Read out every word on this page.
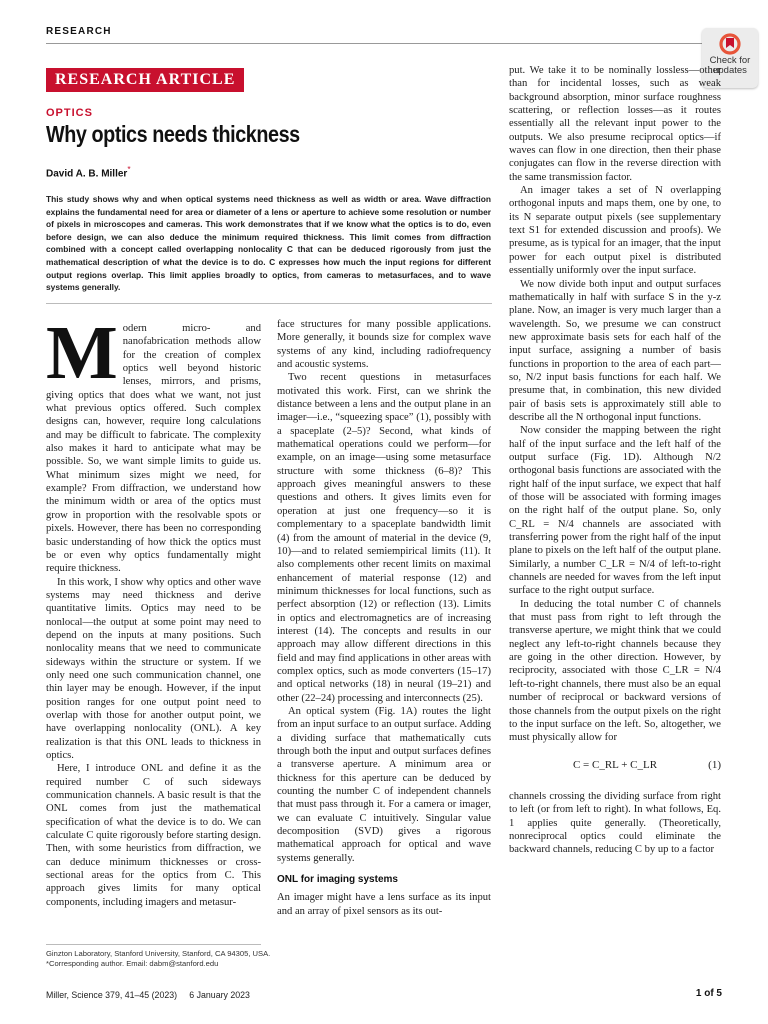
RESEARCH
Check for
updates
RESEARCH ARTICLE
OPTICS
Why optics needs thickness
David A. B. Miller*
This study shows why and when optical systems need thickness as well as width or area. Wave diffraction explains the fundamental need for area or diameter of a lens or aperture to achieve some resolution or number of pixels in microscopes and cameras. This work demonstrates that if we know what the optics is to do, even before design, we can also deduce the minimum required thickness. This limit comes from diffraction combined with a concept called overlapping nonlocality C that can be deduced rigorously from just the mathematical description of what the device is to do. C expresses how much the input regions for different output regions overlap. This limit applies broadly to optics, from cameras to metasurfaces, and to wave systems generally.

Modern micro- and nanofabrication methods allow for the creation of complex optics well beyond historic lenses, mirrors, and prisms, giving optics that does what we want, not just what previous optics offered. Such complex designs can, however, require long calculations and may be difficult to fabricate. The complexity also makes it hard to anticipate what may be possible. So, we want simple limits to guide us. What minimum sizes might we need, for example? From diffraction, we understand how the minimum width or area of the optics must grow in proportion with the resolvable spots or pixels. However, there has been no corresponding basic understanding of how thick the optics must be or even why optics fundamentally might require thickness.

In this work, I show why optics and other wave systems may need thickness and derive quantitative limits. Optics may need to be nonlocal—the output at some point may need to depend on the inputs at many positions. Such nonlocality means that we need to communicate sideways within the structure or system. If we only need one such communication channel, one thin layer may be enough. However, if the input position ranges for one output point need to overlap with those for another output point, we have overlapping nonlocality (ONL). A key realization is that this ONL leads to thickness in optics.

Here, I introduce ONL and define it as the required number C of such sideways communication channels. A basic result is that the ONL comes from just the mathematical specification of what the device is to do. We can calculate C quite rigorously before starting design. Then, with some heuristics from diffraction, we can deduce minimum thicknesses or cross-sectional areas for the optics from C. This approach gives limits for many optical components, including imagers and metasur-

face structures for many possible applications. More generally, it bounds size for complex wave systems of any kind, including radiofrequency and acoustic systems.

Two recent questions in metasurfaces motivated this work. First, can we shrink the distance between a lens and the output plane in an imager—i.e., “squeezing space” (1), possibly with a spaceplate (2–5)? Second, what kinds of mathematical operations could we perform—for example, on an image—using some metasurface structure with some thickness (6–8)? This approach gives meaningful answers to these questions and others. It gives limits even for operation at just one frequency—so it is complementary to a spaceplate bandwidth limit (4) from the amount of material in the device (9, 10)—and to related semiempirical limits (11). It also complements other recent limits on maximal enhancement of material response (12) and minimum thicknesses for local functions, such as perfect absorption (12) or reflection (13). Limits in optics and electromagnetics are of increasing interest (14). The concepts and results in our approach may allow different directions in this field and may find applications in other areas with complex optics, such as mode converters (15–17) and optical networks (18) in neural (19–21) and other (22–24) processing and interconnects (25).

An optical system (Fig. 1A) routes the light from an input surface to an output surface. Adding a dividing surface that mathematically cuts through both the input and output surfaces defines a transverse aperture. A minimum area or thickness for this aperture can be deduced by counting the number C of independent channels that must pass through it. For a camera or imager, we can evaluate C intuitively. Singular value decomposition (SVD) gives a rigorous mathematical approach for optical and wave systems generally.

ONL for imaging systems

An imager might have a lens surface as its input and an array of pixel sensors as its out-

put. We take it to be nominally lossless—other than for incidental losses, such as weak background absorption, minor surface roughness scattering, or reflection losses—as it routes essentially all the relevant input power to the outputs. We also presume reciprocal optics—if waves can flow in one direction, then their phase conjugates can flow in the reverse direction with the same transmission factor.

An imager takes a set of N overlapping orthogonal inputs and maps them, one by one, to its N separate output pixels (see supplementary text S1 for extended discussion and proofs). We presume, as is typical for an imager, that the input power for each output pixel is distributed essentially uniformly over the input surface.

We now divide both input and output surfaces mathematically in half with surface S in the y-z plane. Now, an imager is very much larger than a wavelength. So, we presume we can construct new approximate basis sets for each half of the input surface, assigning a number of basis functions in proportion to the area of each part—so, N/2 input basis functions for each half. We presume that, in combination, this new divided pair of basis sets is approximately still able to describe all the N orthogonal input functions.

Now consider the mapping between the right half of the input surface and the left half of the output surface (Fig. 1D). Although N/2 orthogonal basis functions are associated with the right half of the input surface, we expect that half of those will be associated with forming images on the right half of the output plane. So, only C_RL = N/4 channels are associated with transferring power from the right half of the input plane to pixels on the left half of the output plane. Similarly, a number C_LR = N/4 of left-to-right channels are needed for waves from the left input surface to the right output surface.

In deducing the total number C of channels that must pass from right to left through the transverse aperture, we might think that we could neglect any left-to-right channels because they are going in the other direction. However, by reciprocity, associated with those C_LR = N/4 left-to-right channels, there must also be an equal number of reciprocal or backward versions of those channels from the output pixels on the right to the input surface on the left. So, altogether, we must physically allow for

C = C_RL + C_LR	(1)

channels crossing the dividing surface from right to left (or from left to right). In what follows, Eq. 1 applies quite generally. (Theoretically, nonreciprocal optics could eliminate the backward channels, reducing C by up to a factor

Ginzton Laboratory, Stanford University, Stanford, CA 94305, USA.
*Corresponding author. Email: dabm@stanford.edu
Miller, Science 379, 41–45 (2023)     6 January 2023	1 of 5
